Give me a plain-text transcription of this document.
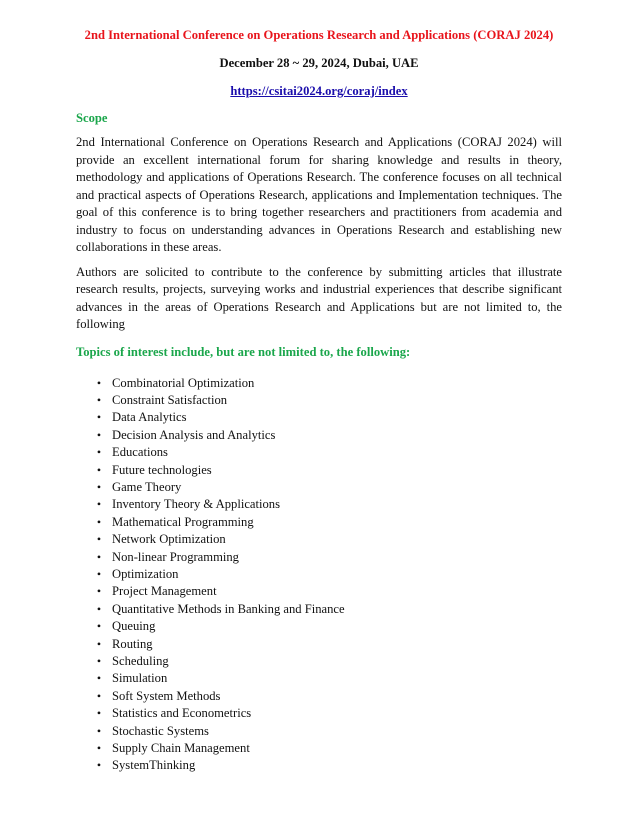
2nd International Conference on Operations Research and Applications (CORAJ 2024)

December 28 ~ 29, 2024, Dubai, UAE

https://csitai2024.org/coraj/index

Scope

2nd International Conference on Operations Research and Applications (CORAJ 2024) will provide an excellent international forum for sharing knowledge and results in theory, methodology and applications of Operations Research. The conference focuses on all technical and practical aspects of Operations Research, applications and Implementation techniques. The goal of this conference is to bring together researchers and practitioners from academia and industry to focus on understanding advances in Operations Research and establishing new collaborations in these areas.

Authors are solicited to contribute to the conference by submitting articles that illustrate research results, projects, surveying works and industrial experiences that describe significant advances in the areas of Operations Research and Applications but are not limited to, the following

Topics of interest include, but are not limited to, the following:

• Combinatorial Optimization
• Constraint Satisfaction
• Data Analytics
• Decision Analysis and Analytics
• Educations
• Future technologies
• Game Theory
• Inventory Theory & Applications
• Mathematical Programming
• Network Optimization
• Non-linear Programming
• Optimization
• Project Management
• Quantitative Methods in Banking and Finance
• Queuing
• Routing
• Scheduling
• Simulation
• Soft System Methods
• Statistics and Econometrics
• Stochastic Systems
• Supply Chain Management
• SystemThinking
